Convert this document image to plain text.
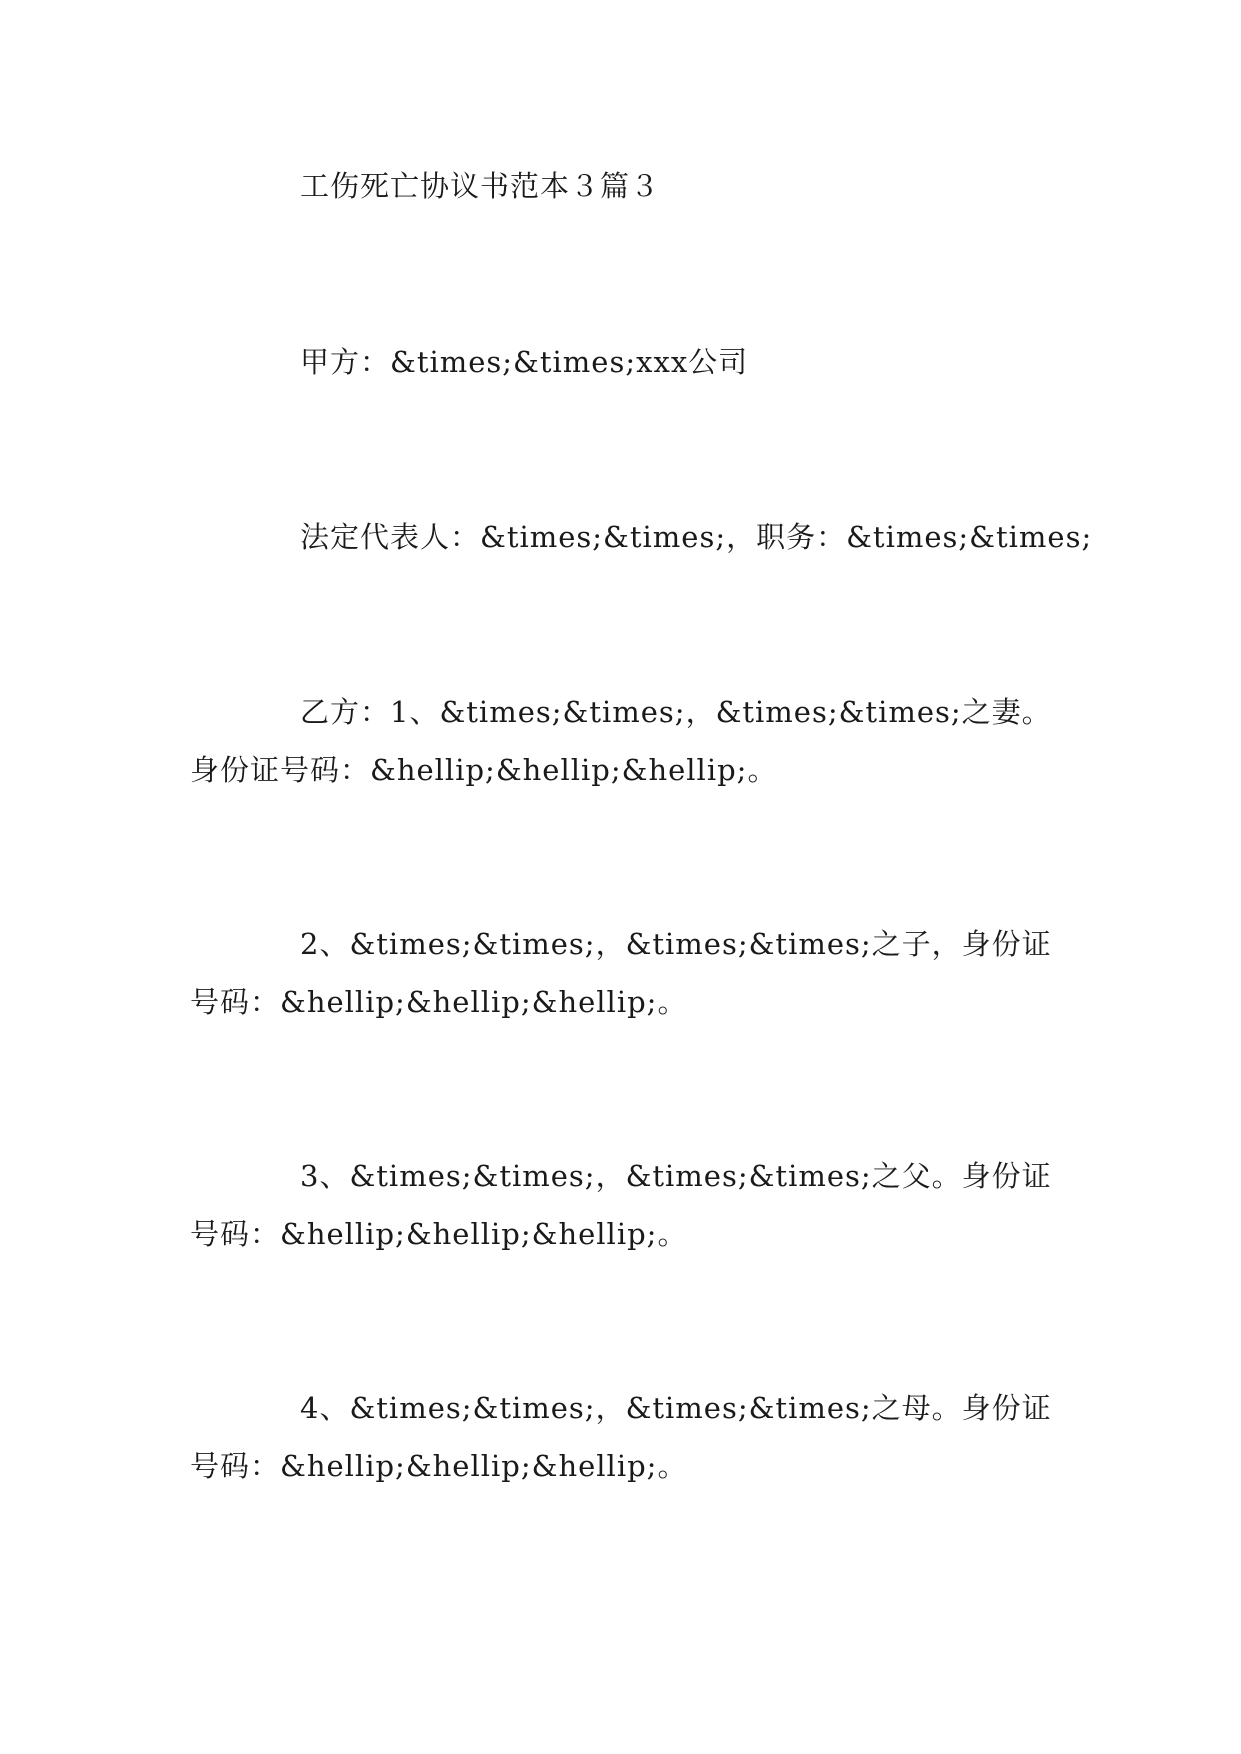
工伤死亡协议书范本３篇３
甲方：&times;&times;xxx公司
法定代表人：&times;&times;，职务：&times;&times;
乙方：1、&times;&times;，&times;&times;之妻。
身份证号码：&hellip;&hellip;&hellip;。
2、&times;&times;，&times;&times;之子，身份证
号码：&hellip;&hellip;&hellip;。
3、&times;&times;，&times;&times;之父。身份证
号码：&hellip;&hellip;&hellip;。
4、&times;&times;，&times;&times;之母。身份证
号码：&hellip;&hellip;&hellip;。
